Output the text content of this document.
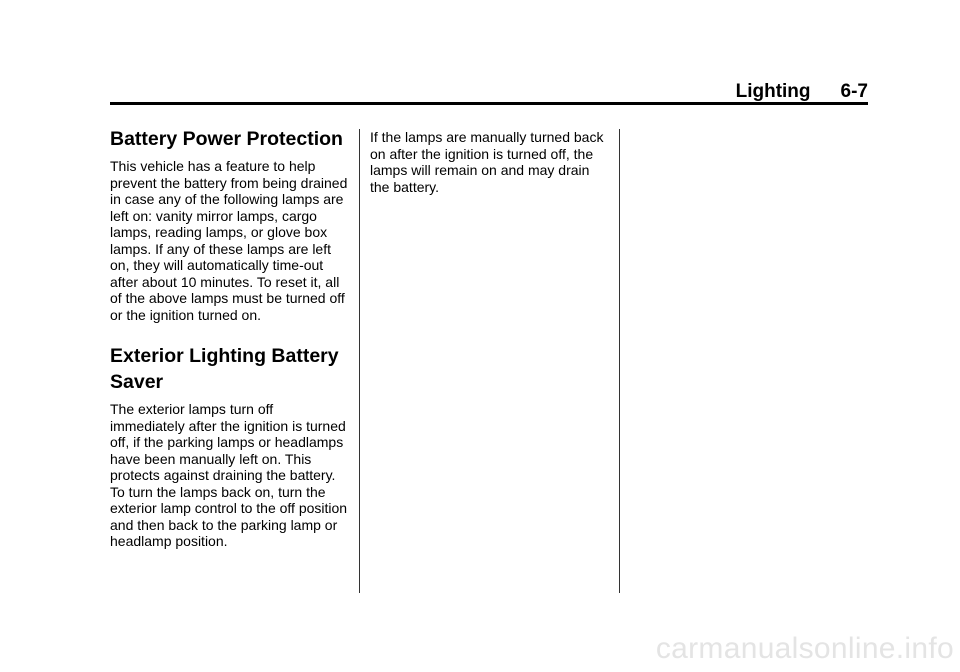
Lighting 6-7
Battery Power Protection

This vehicle has a feature to help prevent the battery from being drained in case any of the following lamps are left on: vanity mirror lamps, cargo lamps, reading lamps, or glove box lamps. If any of these lamps are left on, they will automatically time-out after about 10 minutes. To reset it, all of the above lamps must be turned off or the ignition turned on.

Exterior Lighting Battery Saver

The exterior lamps turn off immediately after the ignition is turned off, if the parking lamps or headlamps have been manually left on. This protects against draining the battery. To turn the lamps back on, turn the exterior lamp control to the off position and then back to the parking lamp or headlamp position.

If the lamps are manually turned back on after the ignition is turned off, the lamps will remain on and may drain the battery.

carmanualsonline.info
